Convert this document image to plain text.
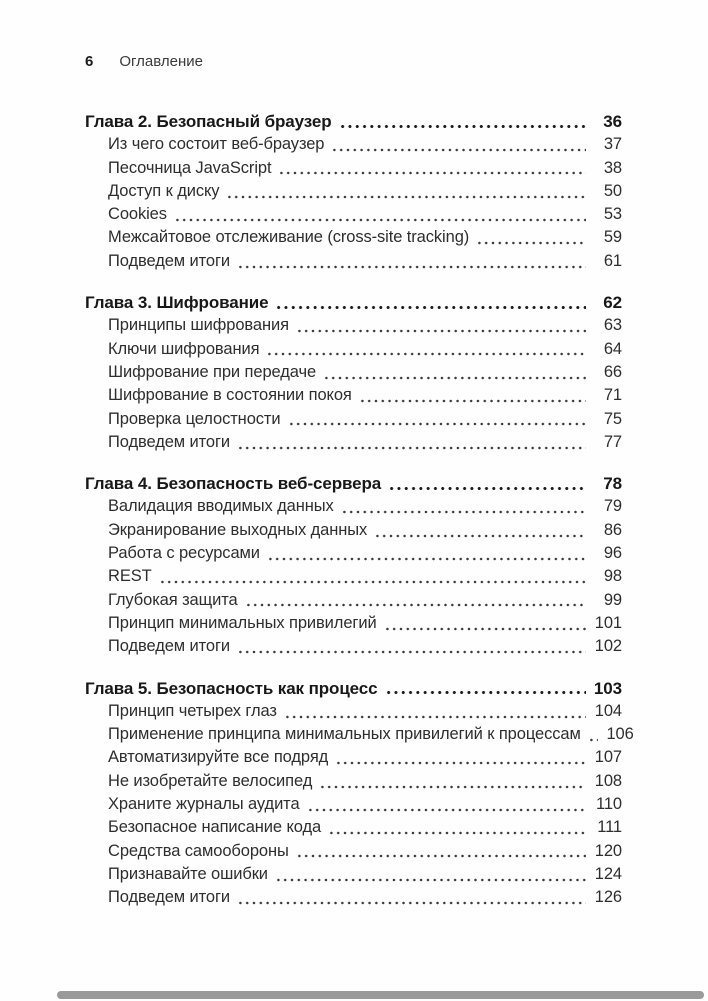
6 Оглавление
Глава 2. Безопасный браузер	36
Из чего состоит веб-браузер	37
Песочница JavaScript	38
Доступ к диску	50
Cookies	53
Межсайтовое отслеживание (cross-site tracking)	59
Подведем итоги	61
Глава 3. Шифрование	62
Принципы шифрования	63
Ключи шифрования	64
Шифрование при передаче	66
Шифрование в состоянии покоя	71
Проверка целостности	75
Подведем итоги	77
Глава 4. Безопасность веб-сервера	78
Валидация вводимых данных	79
Экранирование выходных данных	86
Работа с ресурсами	96
REST	98
Глубокая защита	99
Принцип минимальных привилегий	101
Подведем итоги	102
Глава 5. Безопасность как процесс	103
Принцип четырех глаз	104
Применение принципа минимальных привилегий к процессам 106
Автоматизируйте все подряд	107
Не изобретайте велосипед	108
Храните журналы аудита	110
Безопасное написание кода	111
Средства самообороны	120
Признавайте ошибки	124
Подведем итоги	126
